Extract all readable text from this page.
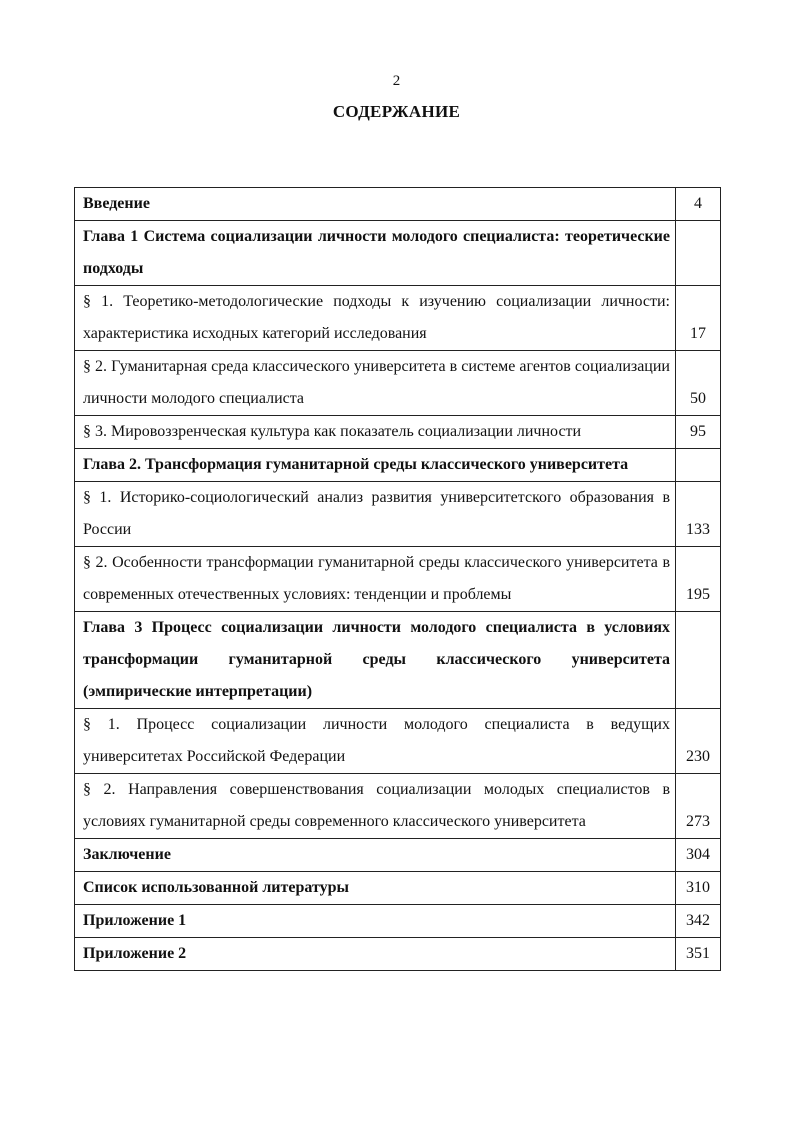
2
СОДЕРЖАНИЕ
Введение	4
Глава 1 Система социализации личности молодого специалиста: теоретические подходы	
§ 1. Теоретико-методологические подходы к изучению социализации личности: характеристика исходных категорий исследования	17
§ 2. Гуманитарная среда классического университета в системе агентов социализации личности молодого специалиста	50
§ 3. Мировоззренческая культура как показатель социализации личности	95
Глава 2. Трансформация гуманитарной среды классического университета	
§ 1. Историко-социологический анализ развития университетского образования в России	133
§ 2. Особенности трансформации гуманитарной среды классического университета в современных отечественных условиях: тенденции и проблемы	195
Глава 3 Процесс социализации личности молодого специалиста в условиях трансформации гуманитарной среды классического университета (эмпирические интерпретации)	
§ 1. Процесс социализации личности молодого специалиста в ведущих университетах Российской Федерации	230
§ 2. Направления совершенствования социализации молодых специалистов в условиях гуманитарной среды современного классического университета	273
Заключение	304
Список использованной литературы	310
Приложение 1	342
Приложение 2	351
